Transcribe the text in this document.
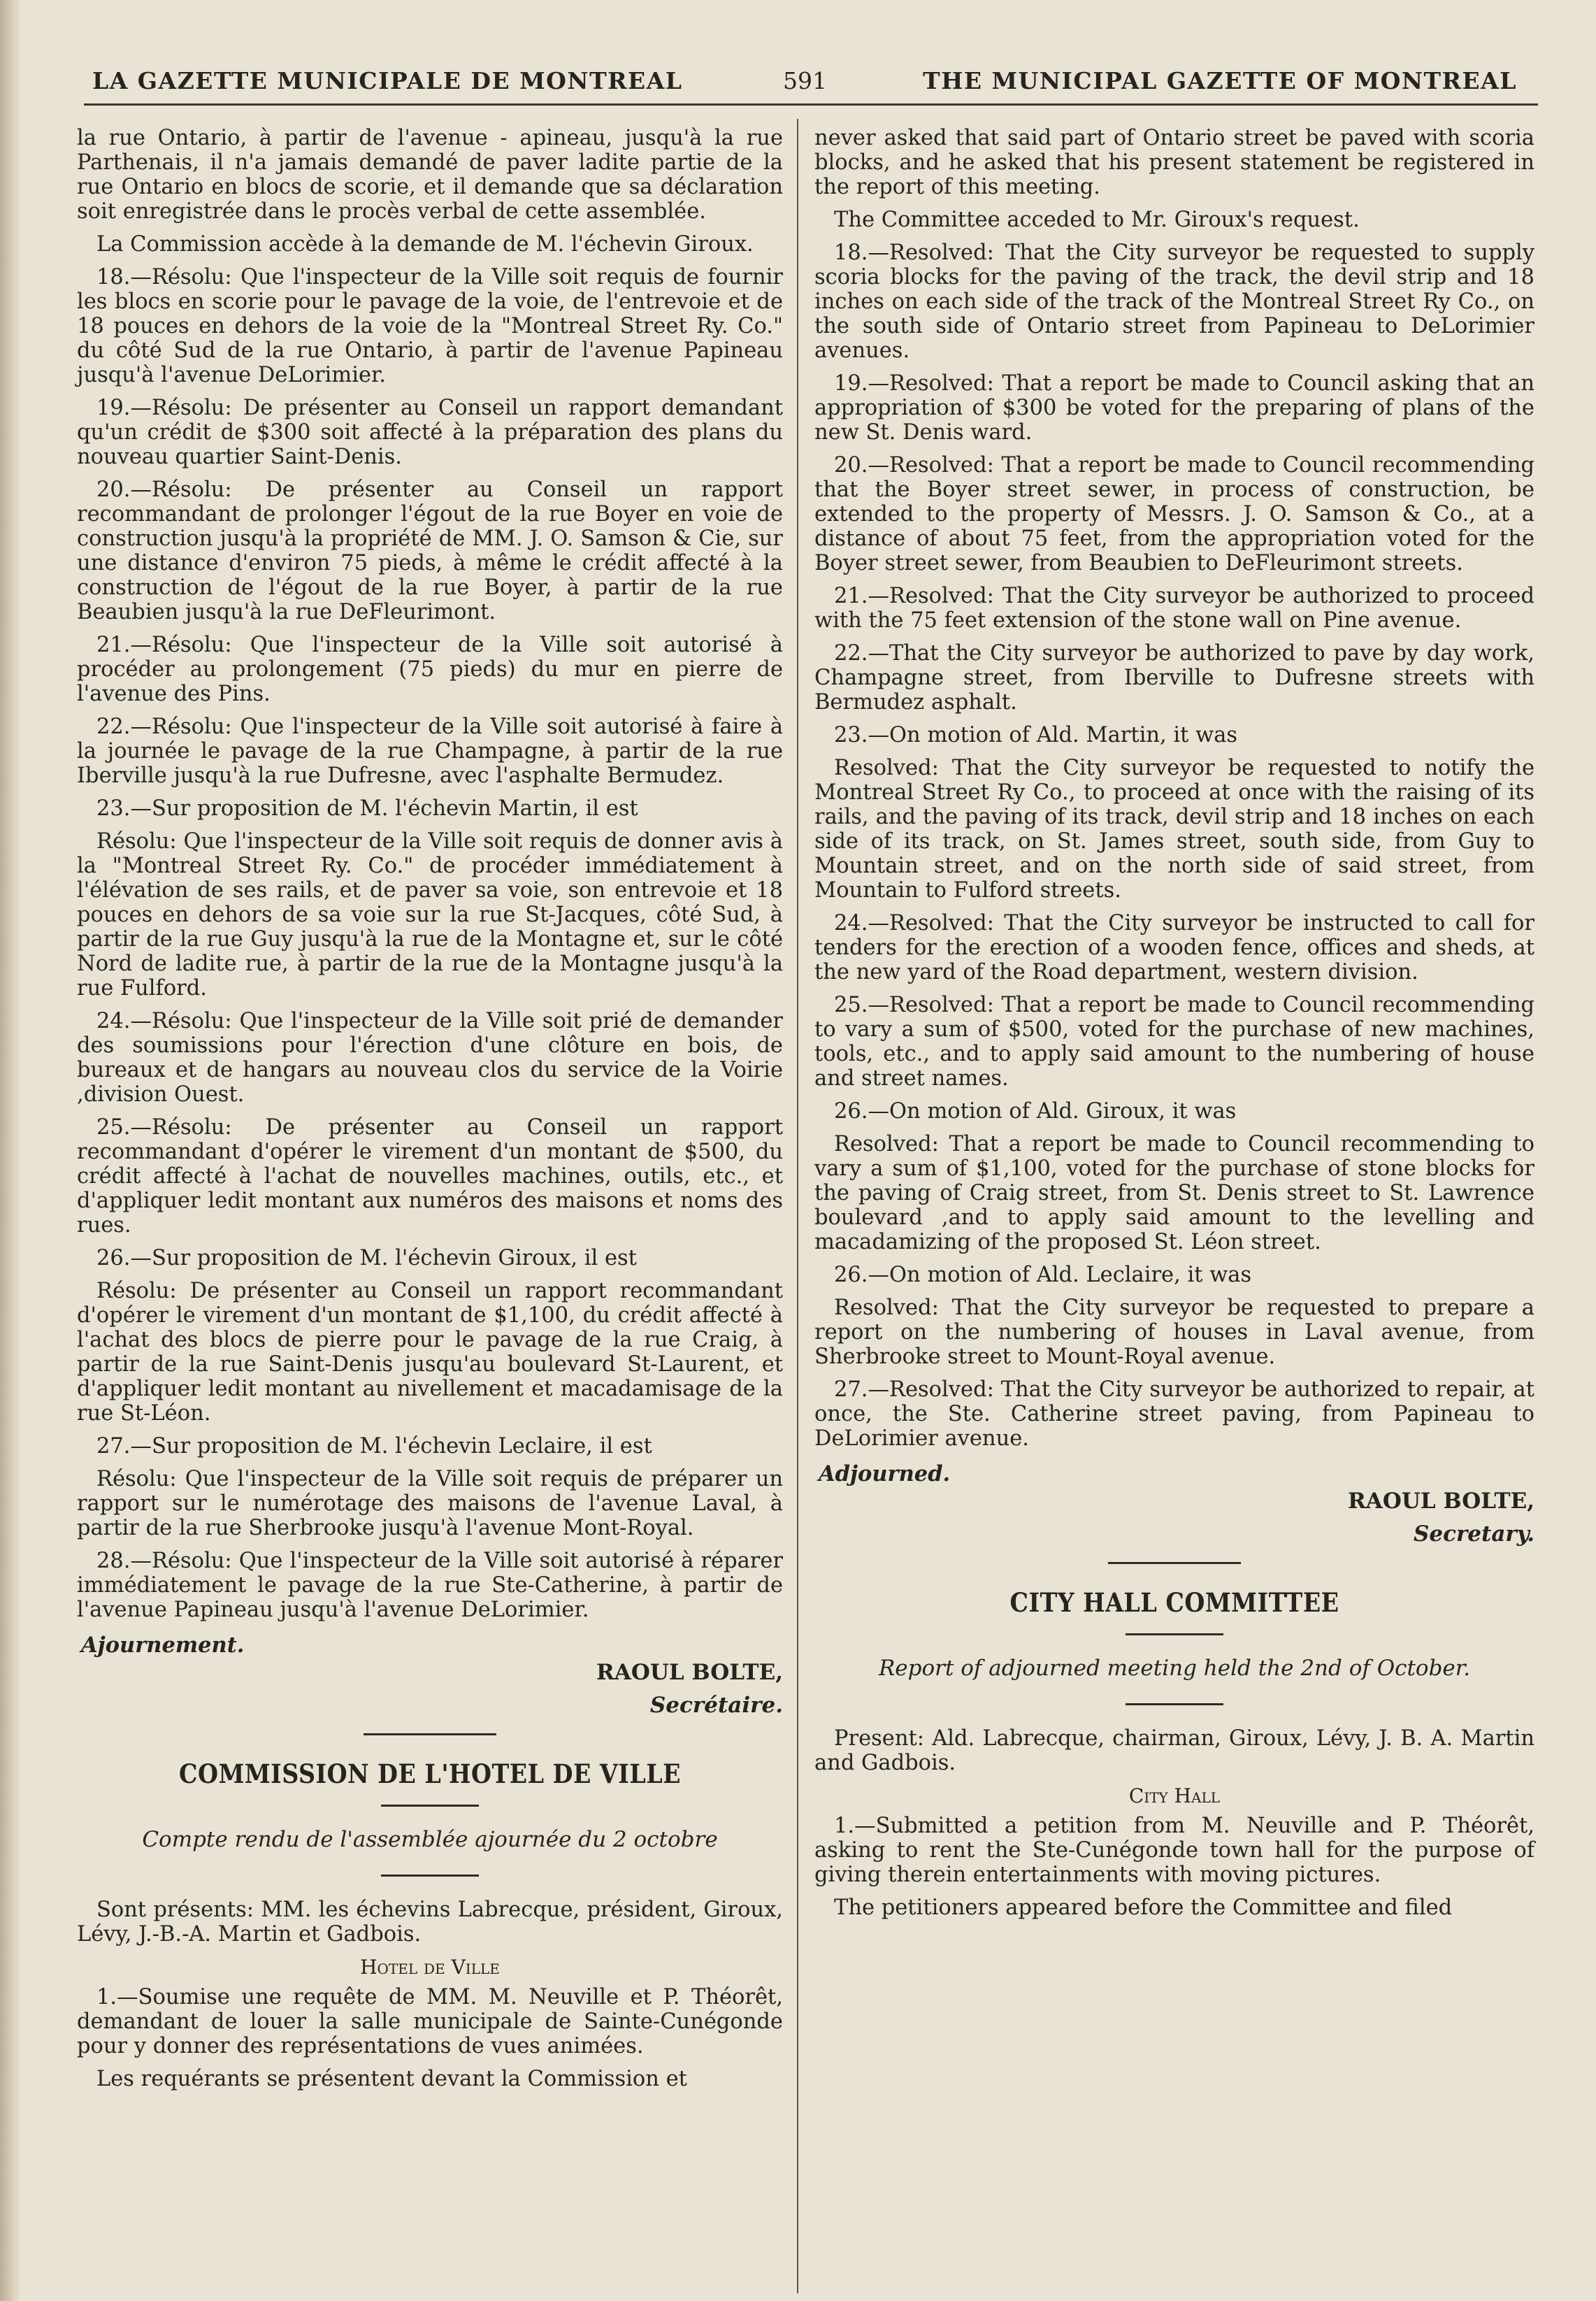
LA GAZETTE MUNICIPALE DE MONTREAL	591	THE MUNICIPAL GAZETTE OF MONTREAL

la rue Ontario, à partir de l'avenue - apineau, jusqu'à la rue Parthenais, il n'a jamais demandé de paver ladite partie de la rue Ontario en blocs de scorie, et il demande que sa déclaration soit enregistrée dans le procès verbal de cette assemblée.

La Commission accède à la demande de M. l'échevin Giroux.

18.—Résolu: Que l'inspecteur de la Ville soit requis de fournir les blocs en scorie pour le pavage de la voie, de l'entrevoie et de 18 pouces en dehors de la voie de la "Montreal Street Ry. Co." du côté Sud de la rue Ontario, à partir de l'avenue Papineau jusqu'à l'avenue DeLorimier.

19.—Résolu: De présenter au Conseil un rapport demandant qu'un crédit de $300 soit affecté à la préparation des plans du nouveau quartier Saint-Denis.

20.—Résolu: De présenter au Conseil un rapport recommandant de prolonger l'égout de la rue Boyer en voie de construction jusqu'à la propriété de MM. J. O. Samson & Cie, sur une distance d'environ 75 pieds, à même le crédit affecté à la construction de l'égout de la rue Boyer, à partir de la rue Beaubien jusqu'à la rue DeFleurimont.

21.—Résolu: Que l'inspecteur de la Ville soit autorisé à procéder au prolongement (75 pieds) du mur en pierre de l'avenue des Pins.

22.—Résolu: Que l'inspecteur de la Ville soit autorisé à faire à la journée le pavage de la rue Champagne, à partir de la rue Iberville jusqu'à la rue Dufresne, avec l'asphalte Bermudez.

23.—Sur proposition de M. l'échevin Martin, il est

Résolu: Que l'inspecteur de la Ville soit requis de donner avis à la "Montreal Street Ry. Co." de procéder immédiatement à l'élévation de ses rails, et de paver sa voie, son entrevoie et 18 pouces en dehors de sa voie sur la rue St-Jacques, côté Sud, à partir de la rue Guy jusqu'à la rue de la Montagne et, sur le côté Nord de ladite rue, à partir de la rue de la Montagne jusqu'à la rue Fulford.

24.—Résolu: Que l'inspecteur de la Ville soit prié de demander des soumissions pour l'érection d'une clôture en bois, de bureaux et de hangars au nouveau clos du service de la Voirie ,division Ouest.

25.—Résolu: De présenter au Conseil un rapport recommandant d'opérer le virement d'un montant de $500, du crédit affecté à l'achat de nouvelles machines, outils, etc., et d'appliquer ledit montant aux numéros des maisons et noms des rues.

26.—Sur proposition de M. l'échevin Giroux, il est

Résolu: De présenter au Conseil un rapport recommandant d'opérer le virement d'un montant de $1,100, du crédit affecté à l'achat des blocs de pierre pour le pavage de la rue Craig, à partir de la rue Saint-Denis jusqu'au boulevard St-Laurent, et d'appliquer ledit montant au nivellement et macadamisage de la rue St-Léon.

27.—Sur proposition de M. l'échevin Leclaire, il est

Résolu: Que l'inspecteur de la Ville soit requis de préparer un rapport sur le numérotage des maisons de l'avenue Laval, à partir de la rue Sherbrooke jusqu'à l'avenue Mont-Royal.

28.—Résolu: Que l'inspecteur de la Ville soit autorisé à réparer immédiatement le pavage de la rue Ste-Catherine, à partir de l'avenue Papineau jusqu'à l'avenue DeLorimier.

Ajournement.

RAOUL BOLTE,

Secrétaire.

COMMISSION DE L'HOTEL DE VILLE
Compte rendu de l'assemblée ajournée du 2 octobre

Sont présents: MM. les échevins Labrecque, président, Giroux, Lévy, J.-B.-A. Martin et Gadbois.

Hotel de Ville

1.—Soumise une requête de MM. M. Neuville et P. Théorêt, demandant de louer la salle municipale de Sainte-Cunégonde pour y donner des représentations de vues animées.

Les requérants se présentent devant la Commission et

never asked that said part of Ontario street be paved with scoria blocks, and he asked that his present statement be registered in the report of this meeting.

The Committee acceded to Mr. Giroux's request.

18.—Resolved: That the City surveyor be requested to supply scoria blocks for the paving of the track, the devil strip and 18 inches on each side of the track of the Montreal Street Ry Co., on the south side of Ontario street from Papineau to DeLorimier avenues.

19.—Resolved: That a report be made to Council asking that an appropriation of $300 be voted for the preparing of plans of the new St. Denis ward.

20.—Resolved: That a report be made to Council recommending that the Boyer street sewer, in process of construction, be extended to the property of Messrs. J. O. Samson & Co., at a distance of about 75 feet, from the appropriation voted for the Boyer street sewer, from Beaubien to DeFleurimont streets.

21.—Resolved: That the City surveyor be authorized to proceed with the 75 feet extension of the stone wall on Pine avenue.

22.—That the City surveyor be authorized to pave by day work, Champagne street, from Iberville to Dufresne streets with Bermudez asphalt.

23.—On motion of Ald. Martin, it was

Resolved: That the City surveyor be requested to notify the Montreal Street Ry Co., to proceed at once with the raising of its rails, and the paving of its track, devil strip and 18 inches on each side of its track, on St. James street, south side, from Guy to Mountain street, and on the north side of said street, from Mountain to Fulford streets.

24.—Resolved: That the City surveyor be instructed to call for tenders for the erection of a wooden fence, offices and sheds, at the new yard of the Road department, western division.

25.—Resolved: That a report be made to Council recommending to vary a sum of $500, voted for the purchase of new machines, tools, etc., and to apply said amount to the numbering of house and street names.

26.—On motion of Ald. Giroux, it was

Resolved: That a report be made to Council recommending to vary a sum of $1,100, voted for the purchase of stone blocks for the paving of Craig street, from St. Denis street to St. Lawrence boulevard ,and to apply said amount to the levelling and macadamizing of the proposed St. Léon street.

26.—On motion of Ald. Leclaire, it was

Resolved: That the City surveyor be requested to prepare a report on the numbering of houses in Laval avenue, from Sherbrooke street to Mount-Royal avenue.

27.—Resolved: That the City surveyor be authorized to repair, at once, the Ste. Catherine street paving, from Papineau to DeLorimier avenue.

Adjourned.

RAOUL BOLTE,

Secretary.

CITY HALL COMMITTEE
Report of adjourned meeting held the 2nd of October.

Present: Ald. Labrecque, chairman, Giroux, Lévy, J. B. A. Martin and Gadbois.

City Hall

1.—Submitted a petition from M. Neuville and P. Théorêt, asking to rent the Ste-Cunégonde town hall for the purpose of giving therein entertainments with moving pictures.

The petitioners appeared before the Committee and filed
